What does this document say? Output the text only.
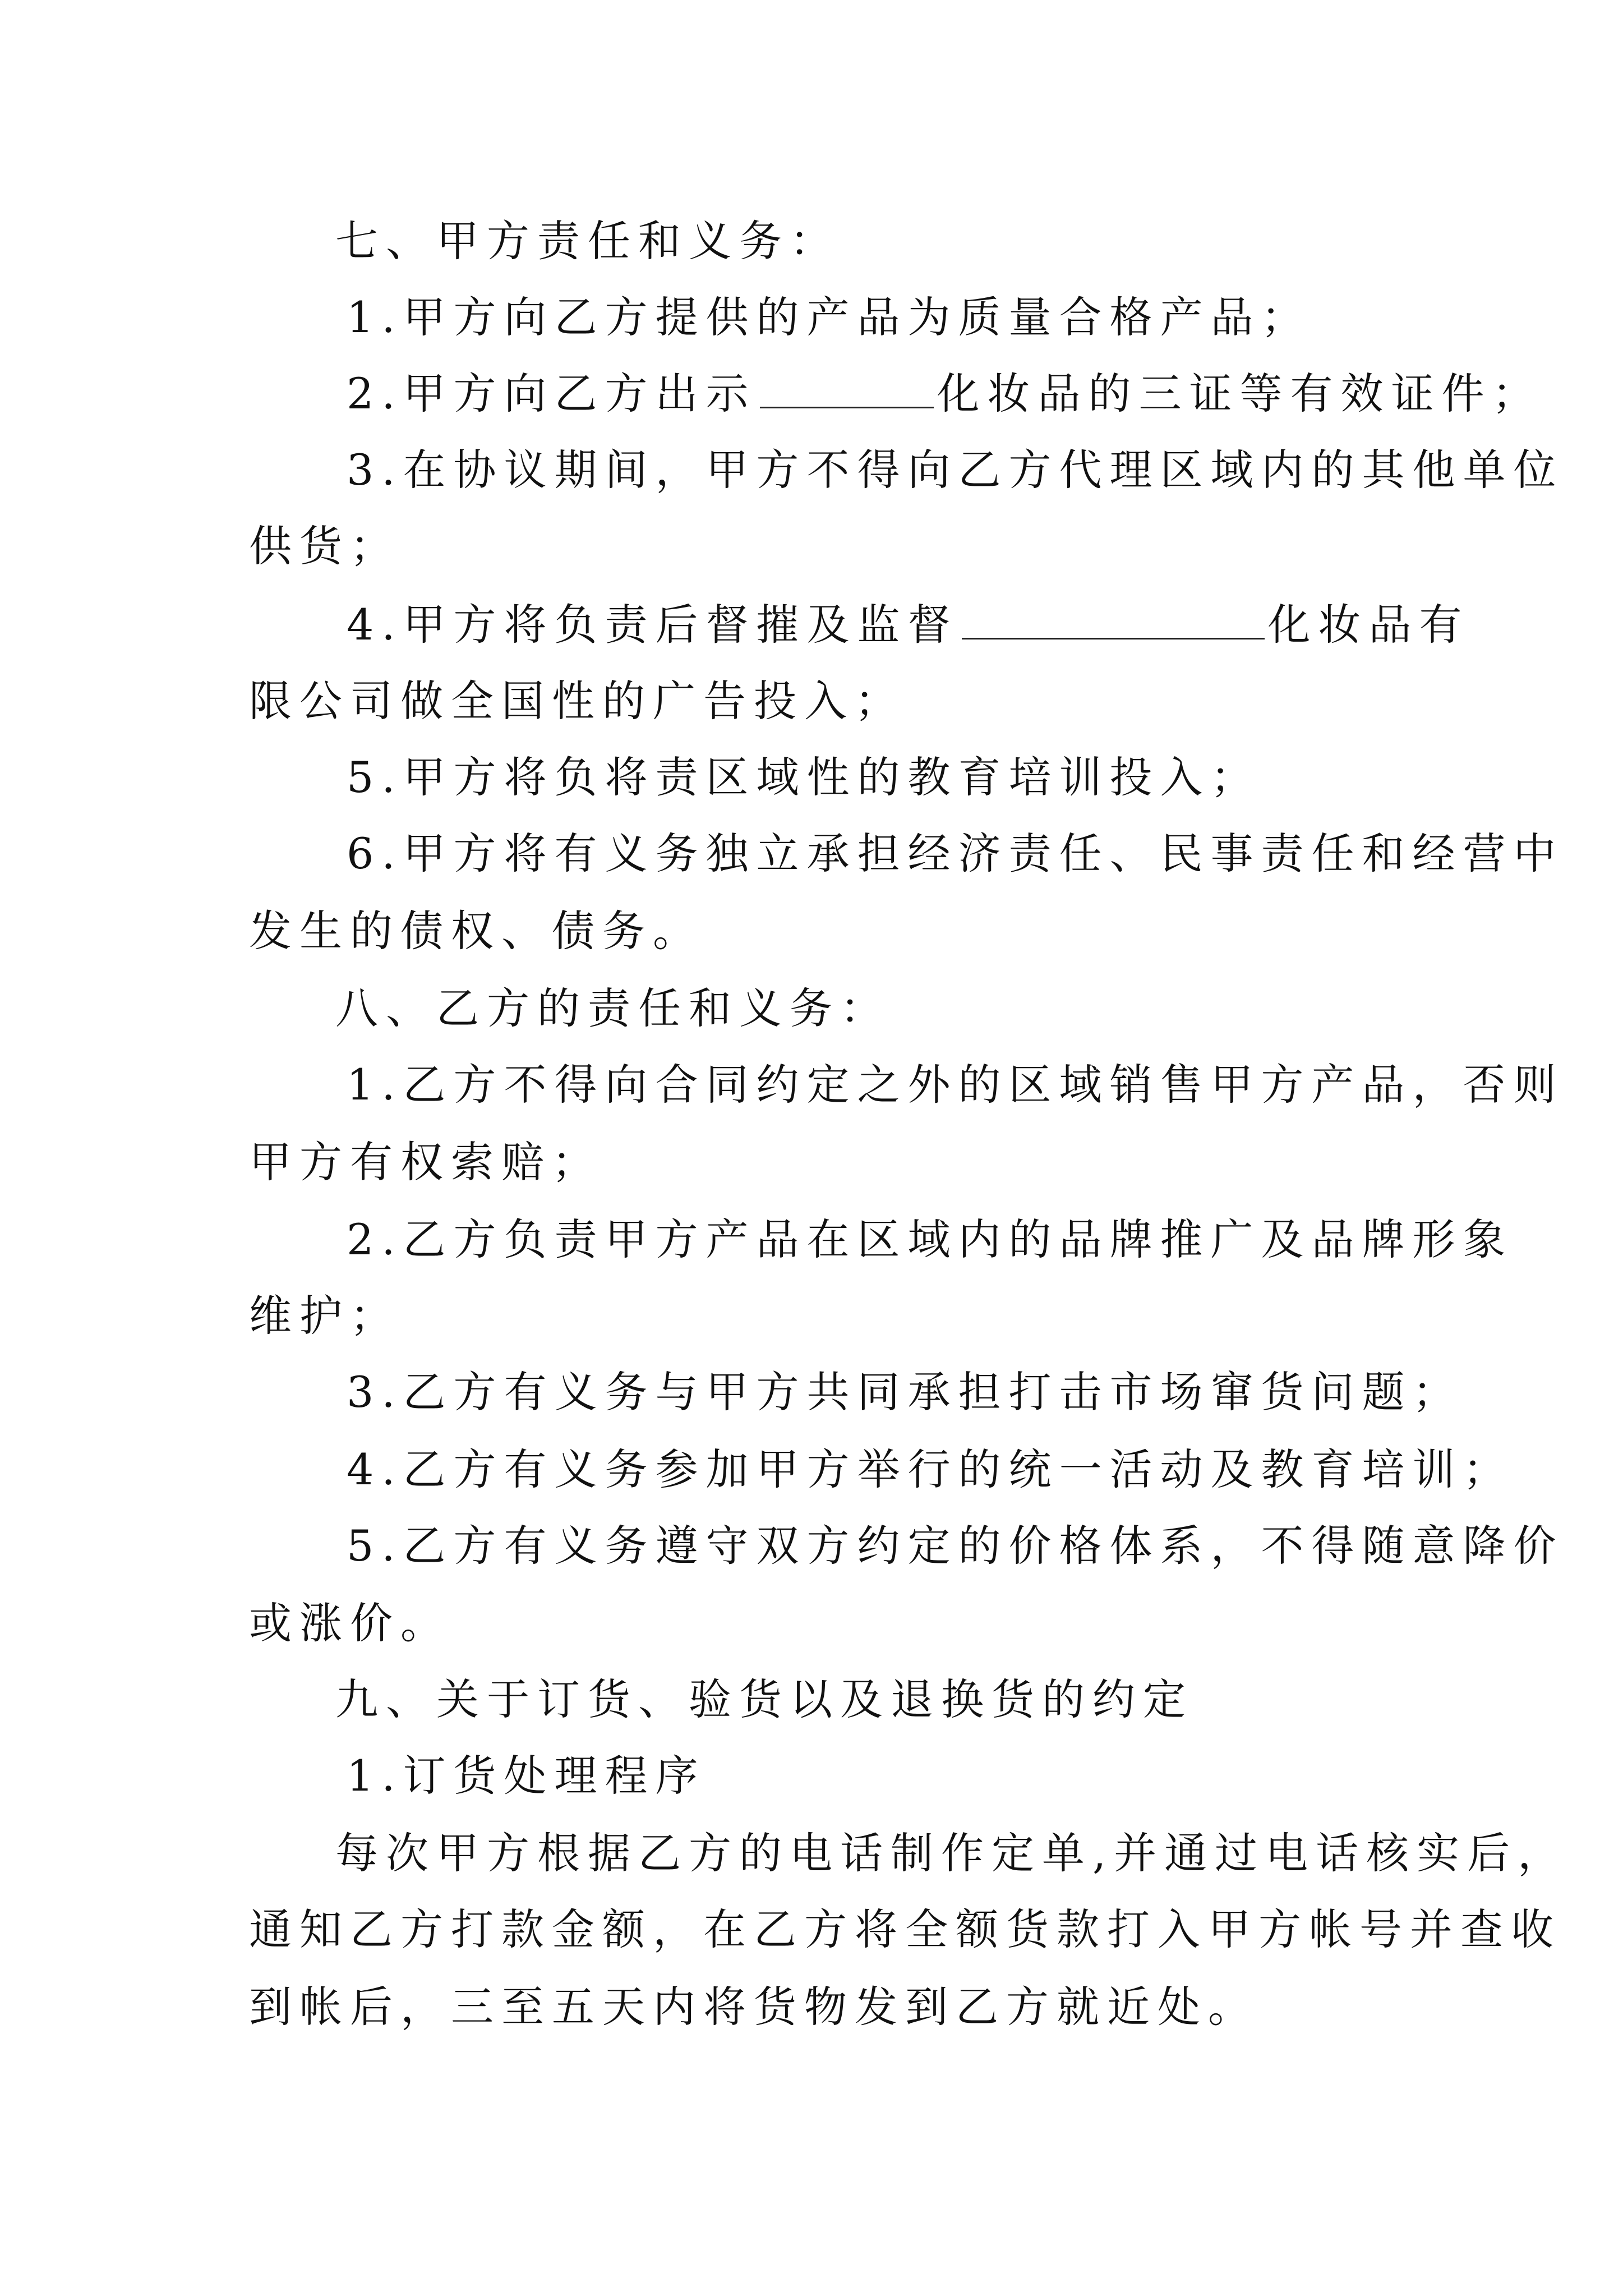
七、甲方责任和义务：
1.甲方向乙方提供的产品为质量合格产品；
2.甲方向乙方出示	化妆品的三证等有效证件；
3.在协议期间，甲方不得向乙方代理区域内的其他单位
供货；
4.甲方将负责后督摧及监督	化妆品有
限公司做全国性的广告投入；
5.甲方将负将责区域性的教育培训投入；
6.甲方将有义务独立承担经济责任、民事责任和经营中
发生的债权、债务。
八、乙方的责任和义务：
1.乙方不得向合同约定之外的区域销售甲方产品，否则
甲方有权索赔；
2.乙方负责甲方产品在区域内的品牌推广及品牌形象
维护；
3.乙方有义务与甲方共同承担打击市场窜货问题；
4.乙方有义务参加甲方举行的统一活动及教育培训；
5.乙方有义务遵守双方约定的价格体系，不得随意降价
或涨价。
九、关于订货、验货以及退换货的约定
1.订货处理程序
每次甲方根据乙方的电话制作定单,并通过电话核实后，
通知乙方打款金额，在乙方将全额货款打入甲方帐号并查收
到帐后，三至五天内将货物发到乙方就近处。
